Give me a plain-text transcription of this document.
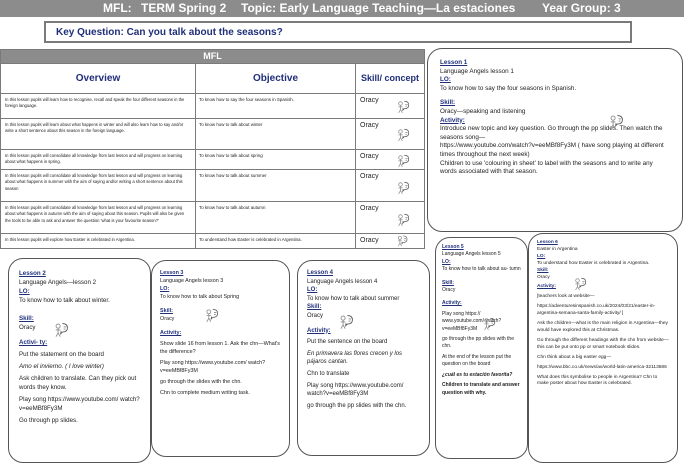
MFL: TERM Spring 2 Topic: Early Language Teaching—La estaciones Year Group: 3
Key Question: Can you talk about the seasons?
MFL		
Overview	Objective	Skill/ concept
In this lesson pupils will learn how to recognise, recall and speak the four different seasons in the foreign language.	To know how to say the four seasons in Spanish.	Oracy

In this lesson pupils will learn about what happens in winter and will also learn how to say and/or write a short sentence about this season in the foreign language.	To know how to talk about winter	Oracy

In this lesson pupils will consolidate all knowledge from last lesson and will progress on learning about what happens in spring.	To know how to talk about spring	Oracy

In this lesson pupils will consolidate all knowledge from last lesson and will progress on learning about what happens in summer with the aim of saying and/or writing a short sentence about this season	To know how to talk about summer	Oracy

In this lesson pupils will consolidate all knowledge from last lesson and will progress on learning about what happens in autumn with the aim of saying about this season. Pupils will also be given the tools to be able to ask and answer the question 'what is your favourite season?'	To know how to talk about autumn	Oracy

In this lesson pupils will explore how Easter is celebrated in Argentina.	To understand how Easter is celebrated in Argentina.	Oracy
Lesson 1
Language Angels lesson 1
LO:
To know how to say the four seasons in Spanish.
Skill:
Oracy—speaking and listening
Activity:
Introduce new topic and key question. Go through the pp slides. Then watch the seasons song—
https://www.youtube.com/watch?v=eeMBf8Fy3M ( have song playing at different times throughout the next week)
Children to use 'colouring in sheet' to label with the seasons and to write any words associated with that season.
Lesson 2
Language Angels—lesson 2
LO:
To know how to talk about winter.
Skill:
Oracy
Activi- ty:
Put the statement on the board
Amo el invierno. ( I love winter)
Ask children to translate. Can they pick out words they know.
Play song https://www.youtube.com/ watch?v=eeMBf8Fy3M
Go through pp slides.
Lesson 3
Language Angels lesson 3
LO:
To know how to talk about Spring
Skill:
Oracy
Activity:
Show slide 16 from lesson 1. Ask the chn—What's the difference?
Play song https://www.youtube.com/ watch?v=eeMBf8Fy3M
go through the slides with the chn.
Chn to complete medium writing task.
Lesson 4
Language Angels lesson 4
LO:
To know how to talk about summer
Skill:
Oracy
Activity:
Put the sentence on the board
En primavera las flores crecen y los pájaros cantan.
Chn to translate
Play song https://www.youtube.com/ watch?v=eeMBf8Fy3M
go through the pp slides with the chn.
Lesson 5
Language Angels lesson 5
LO:
To know how to talk about au- tumn
Skill:
Oracy
Activity:
Play song https:// www.youtube.com/ watch?v=eeMBf8Fy3M
go through the pp slides with the chn.
At the end of the lesson put the question on the board
¿cuál es tu estación favorita?
Children to translate and answer question with why.
Lesson 6
Easter in Argentina
LO:
To understand how Easter is celebrated in Argentina.
Skill:
Oracy
Activity:
[teachers look at website—
https://adventuresinspanish.co.uk/2024/03/21/easter-in-argentina-semana-santa-family-activity/ ]
Ask the children—what is the main religion in Argentina—they would have explored this at Christmas.
Go through the different headings with the chn from website—this can be put onto pp or smart notebook slides.
Chn think about a big easter egg—
https://www.bbc.co.uk/news/av/world-latin-america-32113586
What does this symbolise to people in Argentina? Chn to make poster about how Easter is celebrated.
